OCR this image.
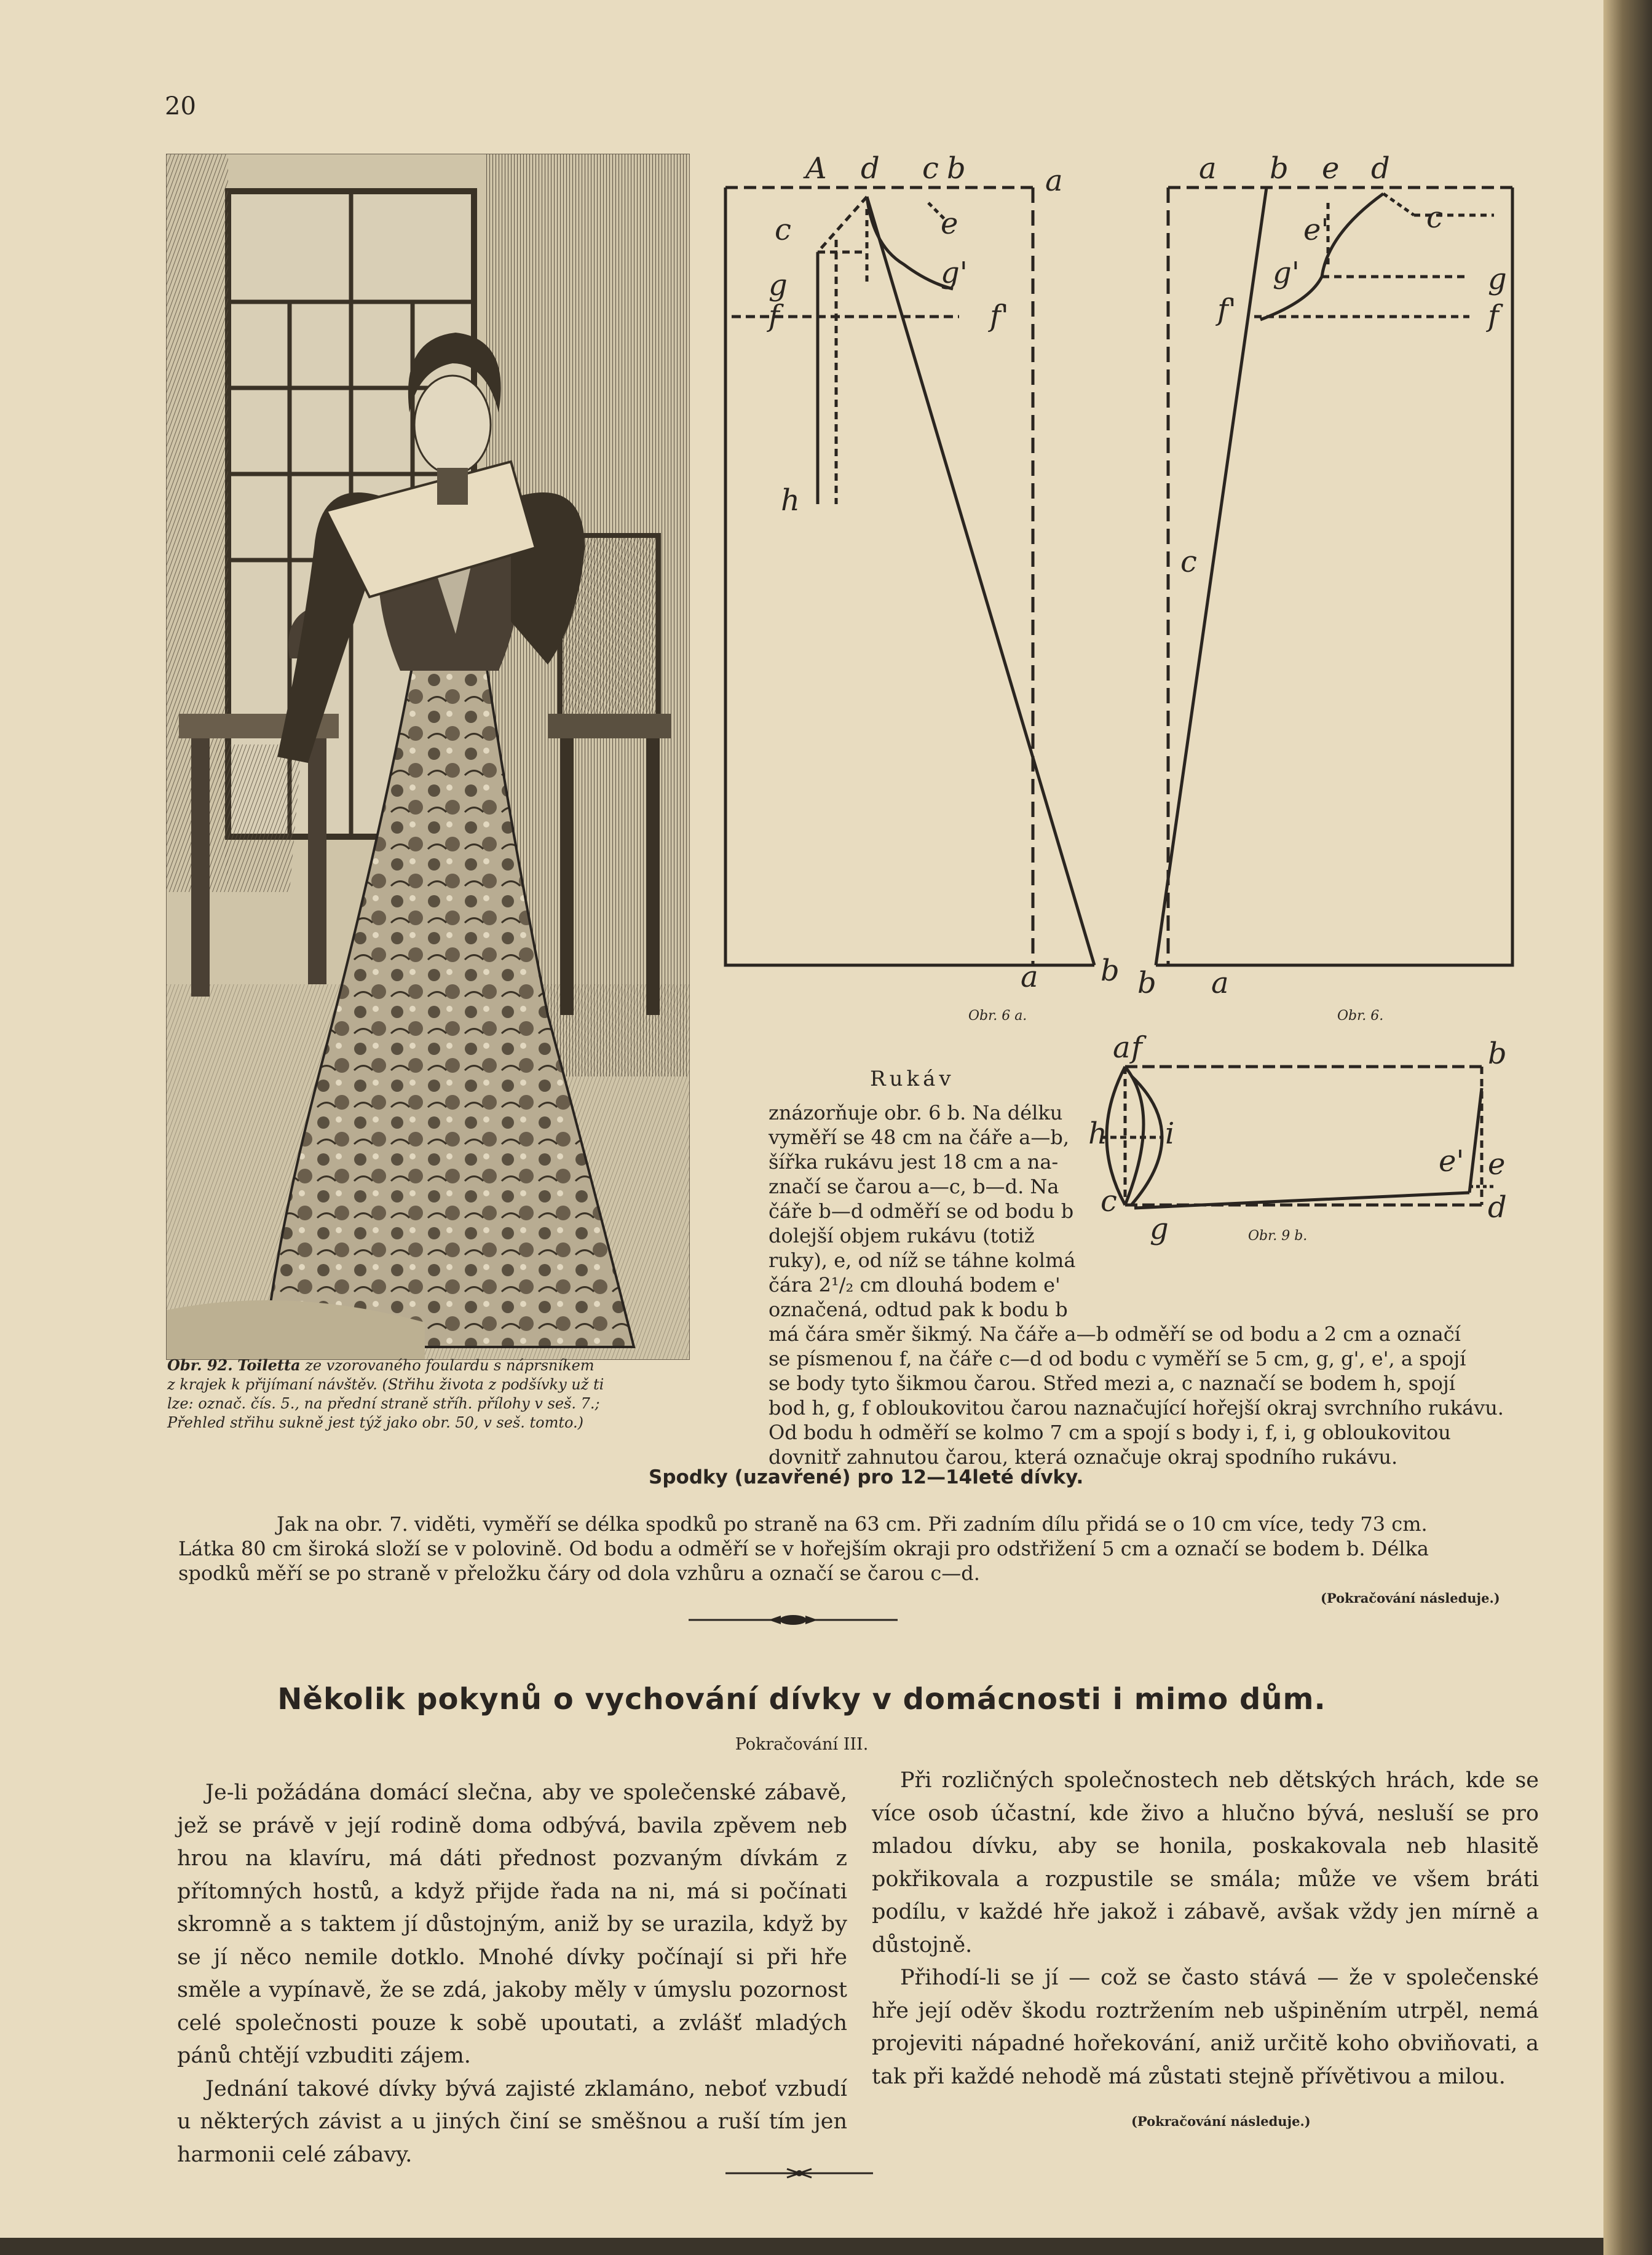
20
Obr. 92. Toiletta ze vzorovaného foulardu s náprsníkem
z krajek k přijímaní návštěv. (Střihu života z podšívky už ti
lze: označ. čís. 5., na přední straně stříh. přílohy v seš. 7.;
Přehled střihu sukně jest týž jako obr. 50, v seš. tomto.)
A d c b	a
c	e
g	g'
f	f'
h
a b
Obr. 6 a.
a b e d
c
e'
g'	g
f'	f
c
b a
Obr. 6.
a f	b
h i
e' e
c
g
d
Obr. 9 b.
Rukáv
znázorňuje obr. 6 b. Na délku
vyměří se 48 cm na čáře a—b,
šířka rukávu jest 18 cm a na-
značí se čarou a—c, b—d. Na
čáře b—d odměří se od bodu b
dolejší objem rukávu (totiž
ruky), e, od níž se táhne kolmá
čára 2¹/₂ cm dlouhá bodem e'
označená, odtud pak k bodu b
má čára směr šikmý. Na čáře a—b odměří se od bodu a 2 cm a označí
se písmenou f, na čáře c—d od bodu c vyměří se 5 cm, g, g', e', a spojí
se body tyto šikmou čarou. Střed mezi a, c naznačí se bodem h, spojí
bod h, g, f obloukovitou čarou naznačující hořejší okraj svrchního rukávu.
Od bodu h odměří se kolmo 7 cm a spojí s body i, f, i, g obloukovitou
dovnitř zahnutou čarou, která označuje okraj spodního rukávu.
Spodky (uzavřené) pro 12—14leté dívky.
Jak na obr. 7. viděti, vyměří se délka spodků po straně na 63 cm. Při zadním dílu přidá se o 10 cm více, tedy 73 cm.
Látka 80 cm široká složí se v polovině. Od bodu a odměří se v hořejším okraji pro odstřižení 5 cm a označí se bodem b. Délka
spodků měří se po straně v přeložku čáry od dola vzhůru a označí se čarou c—d.
(Pokračování následuje.)
Několik pokynů o vychování dívky v domácnosti i mimo dům.
Pokračování III.

Je-li požádána domácí slečna, aby ve společenské zábavě, jež se právě v její rodině doma odbývá, bavila zpěvem neb hrou na klavíru, má dáti přednost pozvaným dívkám z přítomných hostů, a když přijde řada na ni, má si počínati skromně a s taktem jí důstojným, aniž by se urazila, když by se jí něco nemile dotklo. Mnohé dívky počínají si při hře směle a vypínavě, že se zdá, jakoby měly v úmyslu pozornost celé společnosti pouze k sobě upoutati, a zvlášť mladých pánů chtějí vzbuditi zájem.

Jednání takové dívky bývá zajisté zklamáno, neboť vzbudí u některých závist a u jiných činí se směšnou a ruší tím jen harmonii celé zábavy.

Při rozličných společnostech neb dětských hrách, kde se více osob účastní, kde živo a hlučno bývá, nesluší se pro mladou dívku, aby se honila, poskakovala neb hlasitě pokřikovala a rozpustile se smála; může ve všem bráti podílu, v každé hře jakož i zábavě, avšak vždy jen mírně a důstojně.

Přihodí-li se jí — což se často stává — že v společenské hře její oděv škodu roztržením neb ušpiněním utrpěl, nemá projeviti nápadné hořekování, aniž určitě koho obviňovati, a tak při každé nehodě má zůstati stejně přívětivou a milou.

(Pokračování následuje.)
